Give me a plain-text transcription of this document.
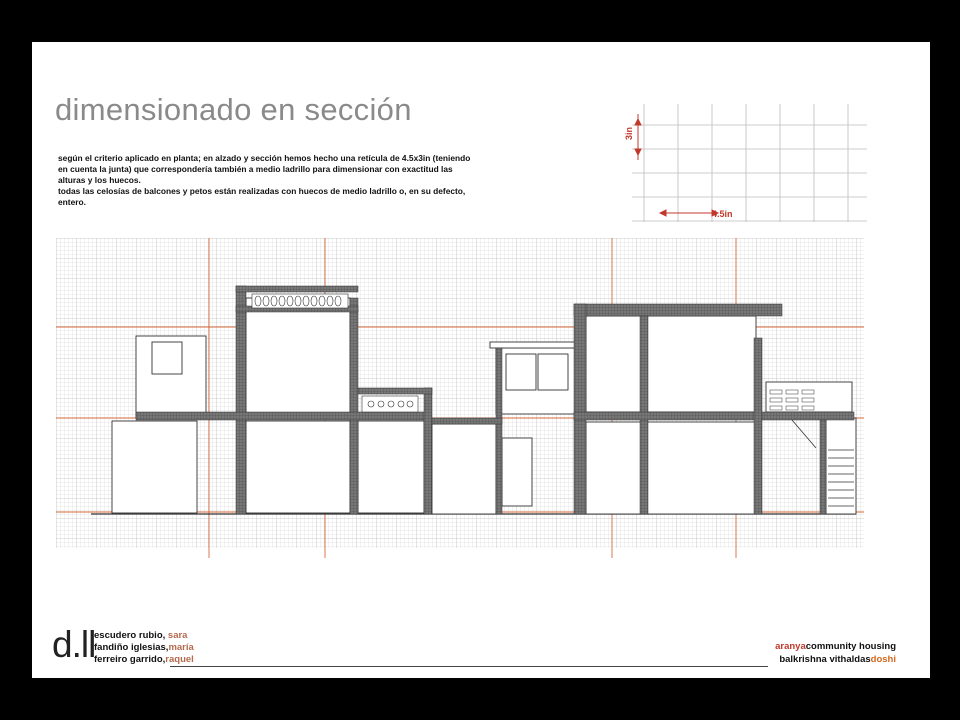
dimensionado en sección

según el criterio aplicado en planta; en alzado y sección hemos hecho una retícula de 4.5x3in (teniendo en cuenta la junta) que correspondería también a medio ladrillo para dimensionar con exactitud las alturas y los huecos.

todas las celosías de balcones y petos están realizadas con huecos de medio ladrillo o, en su defecto, entero.

3in
4.5in
d.ll
escudero rubio, sara
fandiño iglesias,maría
ferreiro garrido,raquel
aranyacommunity housing
balkrishna vithaldasdoshi
